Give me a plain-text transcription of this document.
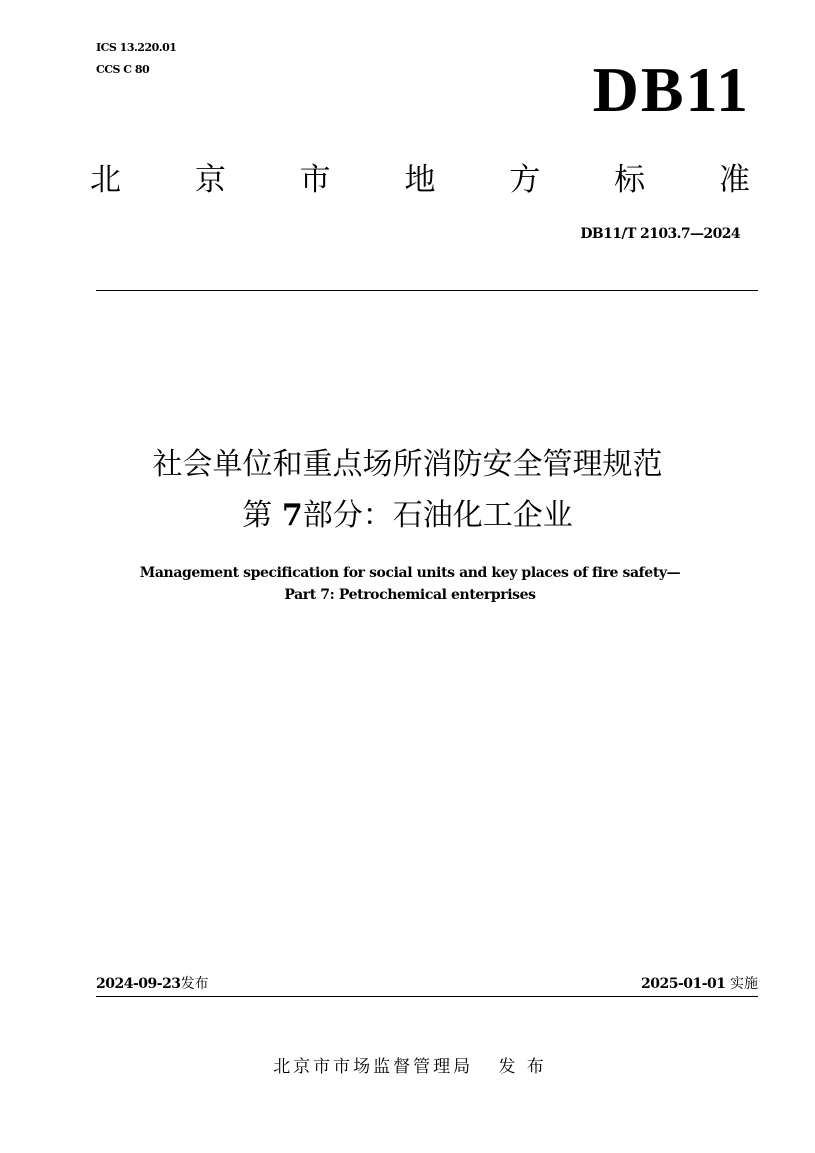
ICS 13.220.01
CCS C 80	DB11
北 京 市 地 方 标 准
DB11/T 2103.7—2024
社会单位和重点场所消防安全管理规范
第 7部分：石油化工企业
Management specification for social units and key places of fire safety—
Part 7: Petrochemical enterprises
2024-09-23发布	2025-01-01 实施
北京市市场监督管理局 发 布
